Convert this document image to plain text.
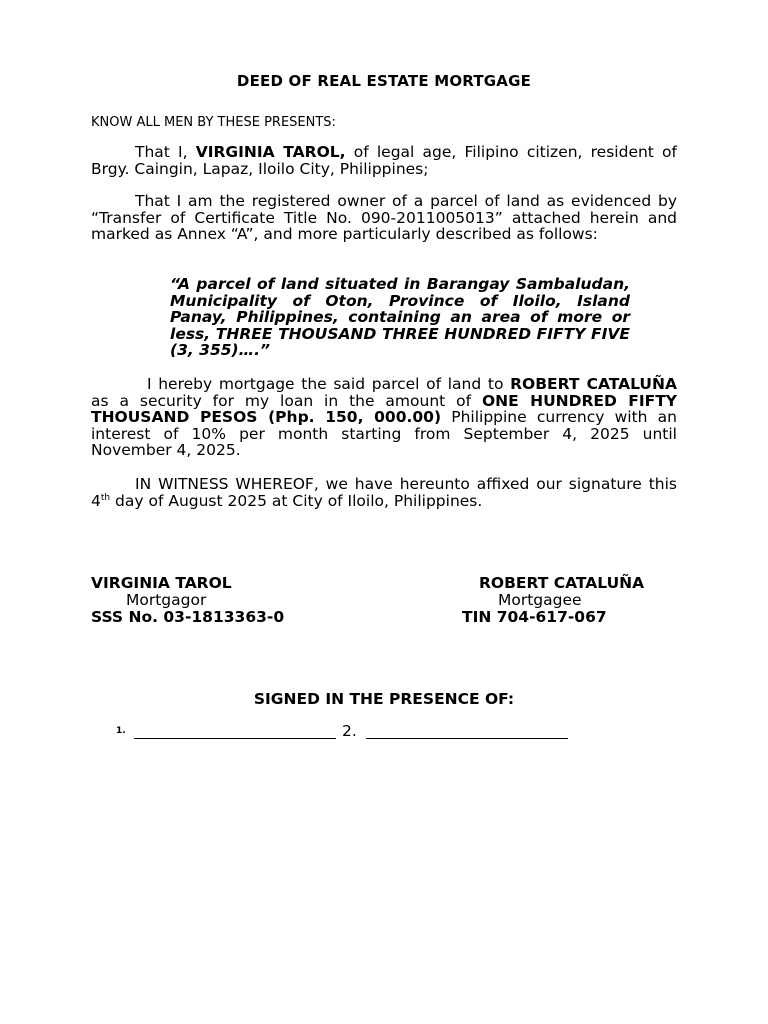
DEED OF REAL ESTATE MORTGAGE
KNOW ALL MEN BY THESE PRESENTS:
That I, VIRGINIA TAROL, of legal age, Filipino citizen, resident of Brgy. Caingin, Lapaz, Iloilo City, Philippines;
That I am the registered owner of a parcel of land as evidenced by “Transfer of Certificate Title No. 090-2011005013” attached herein and marked as Annex “A”, and more particularly described as follows:
“A parcel of land situated in Barangay Sambaludan, Municipality of Oton, Province of Iloilo, Island Panay, Philippines, containing an area of more or less, THREE THOUSAND THREE HUNDRED FIFTY FIVE (3, 355)….”
I hereby mortgage the said parcel of land to ROBERT CATALUÑA as a security for my loan in the amount of ONE HUNDRED FIFTY THOUSAND PESOS (Php. 150, 000.00) Philippine currency with an interest of 10% per month starting from September 4, 2025 until November 4, 2025.
IN WITNESS WHEREOF, we have hereunto affixed our signature this 4th day of August 2025 at City of Iloilo, Philippines.
VIRGINIA TAROL
Mortgagor
SSS No. 03-1813363-0
ROBERT CATALUÑA
Mortgagee
TIN 704-617-067
SIGNED IN THE PRESENCE OF:
1.	2.
